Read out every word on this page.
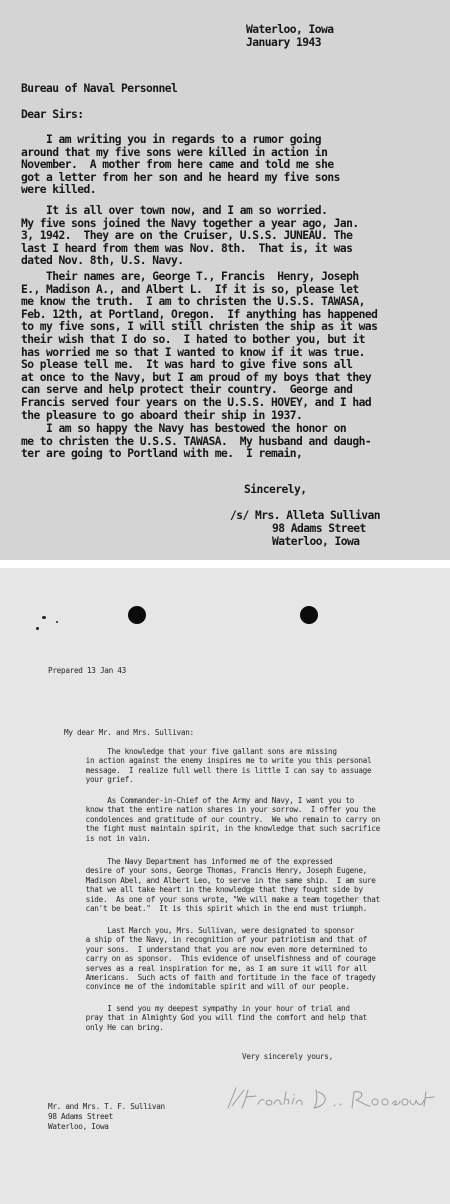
Waterloo, Iowa
January 1943
Bureau of Naval Personnel
Dear Sirs:
I am writing you in regards to a rumor going
around that my five sons were killed in action in
November.  A mother from here came and told me she
got a letter from her son and he heard my five sons
were killed.
It is all over town now, and I am so worried.
My five sons joined the Navy together a year ago, Jan.
3, 1942.  They are on the Cruiser, U.S.S. JUNEAU. The
last I heard from them was Nov. 8th.  That is, it was
dated Nov. 8th, U.S. Navy.
Their names are, George T., Francis  Henry, Joseph
E., Madison A., and Albert L.  If it is so, please let
me know the truth.  I am to christen the U.S.S. TAWASA,
Feb. 12th, at Portland, Oregon.  If anything has happened
to my five sons, I will still christen the ship as it was
their wish that I do so.  I hated to bother you, but it
has worried me so that I wanted to know if it was true.
So please tell me.  It was hard to give five sons all
at once to the Navy, but I am proud of my boys that they
can serve and help protect their country.  George and
Francis served four years on the U.S.S. HOVEY, and I had
the pleasure to go aboard their ship in 1937.
I am so happy the Navy has bestowed the honor on
me to christen the U.S.S. TAWASA.  My husband and daugh-
ter are going to Portland with me.  I remain,
Sincerely,
/s/ Mrs. Alleta Sullivan
98 Adams Street
Waterloo, Iowa
Prepared 13 Jan 43
My dear Mr. and Mrs. Sullivan:
The knowledge that your five gallant sons are missing
in action against the enemy inspires me to write you this personal
message.  I realize full well there is little I can say to assuage
your grief.
As Commander-in-Chief of the Army and Navy, I want you to
know that the entire nation shares in your sorrow.  I offer you the
condolences and gratitude of our country.  We who remain to carry on
the fight must maintain spirit, in the knowledge that such sacrifice
is not in vain.
The Navy Department has informed me of the expressed
desire of your sons, George Thomas, Francis Henry, Joseph Eugene,
Madison Abel, and Albert Leo, to serve in the same ship.  I am sure
that we all take heart in the knowledge that they fought side by
side.  As one of your sons wrote, "We will make a team together that
can't be beat."  It is this spirit which in the end must triumph.
Last March you, Mrs. Sullivan, were designated to sponsor
a ship of the Navy, in recognition of your patriotism and that of
your sons.  I understand that you are now even more determined to
carry on as sponsor.  This evidence of unselfishness and of courage
serves as a real inspiration for me, as I am sure it will for all
Americans.  Such acts of faith and fortitude in the face of tragedy
convince me of the indomitable spirit and will of our people.
I send you my deepest sympathy in your hour of trial and
pray that in Almighty God you will find the comfort and help that
only He can bring.
Very sincerely yours,
Mr. and Mrs. T. F. Sullivan
98 Adams Street
Waterloo, Iowa
